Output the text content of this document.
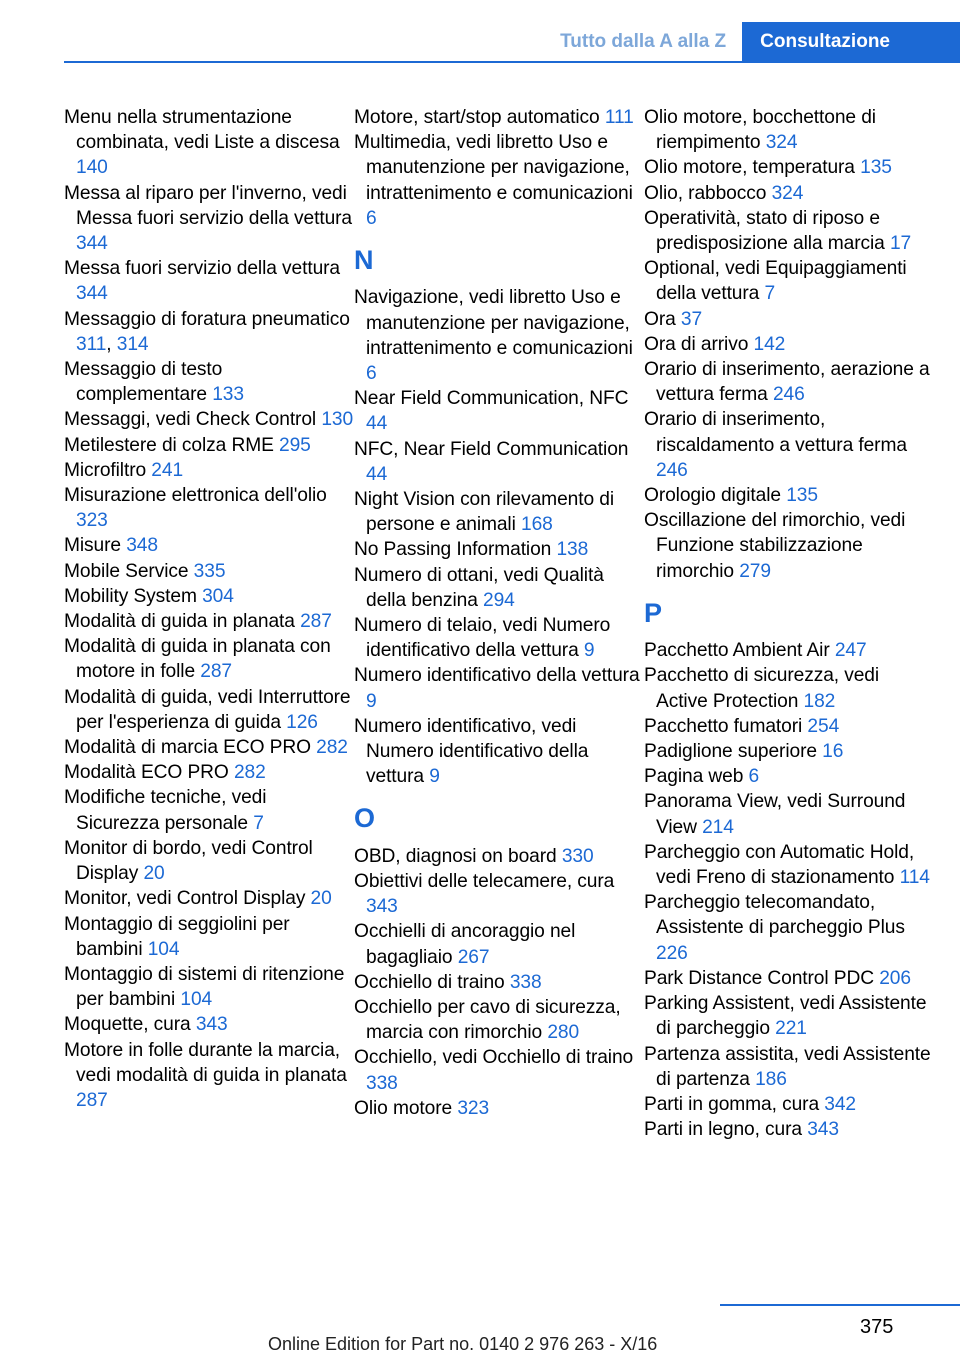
Tutto dalla A alla Z	Consultazione
Menu nella strumentazione combinata, vedi Liste a discesa 140
Messa al riparo per l'inverno, vedi Messa fuori servizio della vettura 344
Messa fuori servizio della vettura 344
Messaggio di foratura pneumatico 311, 314
Messaggio di testo complementare 133
Messaggi, vedi Check Control 130
Metilestere di colza RME 295
Microfiltro 241
Misurazione elettronica dell'olio 323
Misure 348
Mobile Service 335
Mobility System 304
Modalità di guida in planata 287
Modalità di guida in planata con motore in folle 287
Modalità di guida, vedi Interruttore per l'esperienza di guida 126
Modalità di marcia ECO PRO 282
Modalità ECO PRO 282
Modifiche tecniche, vedi Sicurezza personale 7
Monitor di bordo, vedi Control Display 20
Monitor, vedi Control Display 20
Montaggio di seggiolini per bambini 104
Montaggio di sistemi di ritenzione per bambini 104
Moquette, cura 343
Motore in folle durante la marcia, vedi modalità di guida in planata 287
Motore, start/stop automatico 111
Multimedia, vedi libretto Uso e manutenzione per navigazione, intrattenimento e comunicazioni 6
N
Navigazione, vedi libretto Uso e manutenzione per navigazione, intrattenimento e comunicazioni 6
Near Field Communication, NFC 44
NFC, Near Field Communication 44
Night Vision con rilevamento di persone e animali 168
No Passing Information 138
Numero di ottani, vedi Qualità della benzina 294
Numero di telaio, vedi Numero identificativo della vettura 9
Numero identificativo della vettura 9
Numero identificativo, vedi Numero identificativo della vettura 9
O
OBD, diagnosi on board 330
Obiettivi delle telecamere, cura 343
Occhielli di ancoraggio nel bagagliaio 267
Occhiello di traino 338
Occhiello per cavo di sicurezza, marcia con rimorchio 280
Occhiello, vedi Occhiello di traino 338
Olio motore 323
Olio motore, bocchettone di riempimento 324
Olio motore, temperatura 135
Olio, rabbocco 324
Operatività, stato di riposo e predisposizione alla marcia 17
Optional, vedi Equipaggiamenti della vettura 7
Ora 37
Ora di arrivo 142
Orario di inserimento, aerazione a vettura ferma 246
Orario di inserimento, riscaldamento a vettura ferma 246
Orologio digitale 135
Oscillazione del rimorchio, vedi Funzione stabilizzazione rimorchio 279
P
Pacchetto Ambient Air 247
Pacchetto di sicurezza, vedi Active Protection 182
Pacchetto fumatori 254
Padiglione superiore 16
Pagina web 6
Panorama View, vedi Surround View 214
Parcheggio con Automatic Hold, vedi Freno di stazionamento 114
Parcheggio telecomandato, Assistente di parcheggio Plus 226
Park Distance Control PDC 206
Parking Assistent, vedi Assistente di parcheggio 221
Partenza assistita, vedi Assistente di partenza 186
Parti in gomma, cura 342
Parti in legno, cura 343
375
Online Edition for Part no. 0140 2 976 263 - X/16
